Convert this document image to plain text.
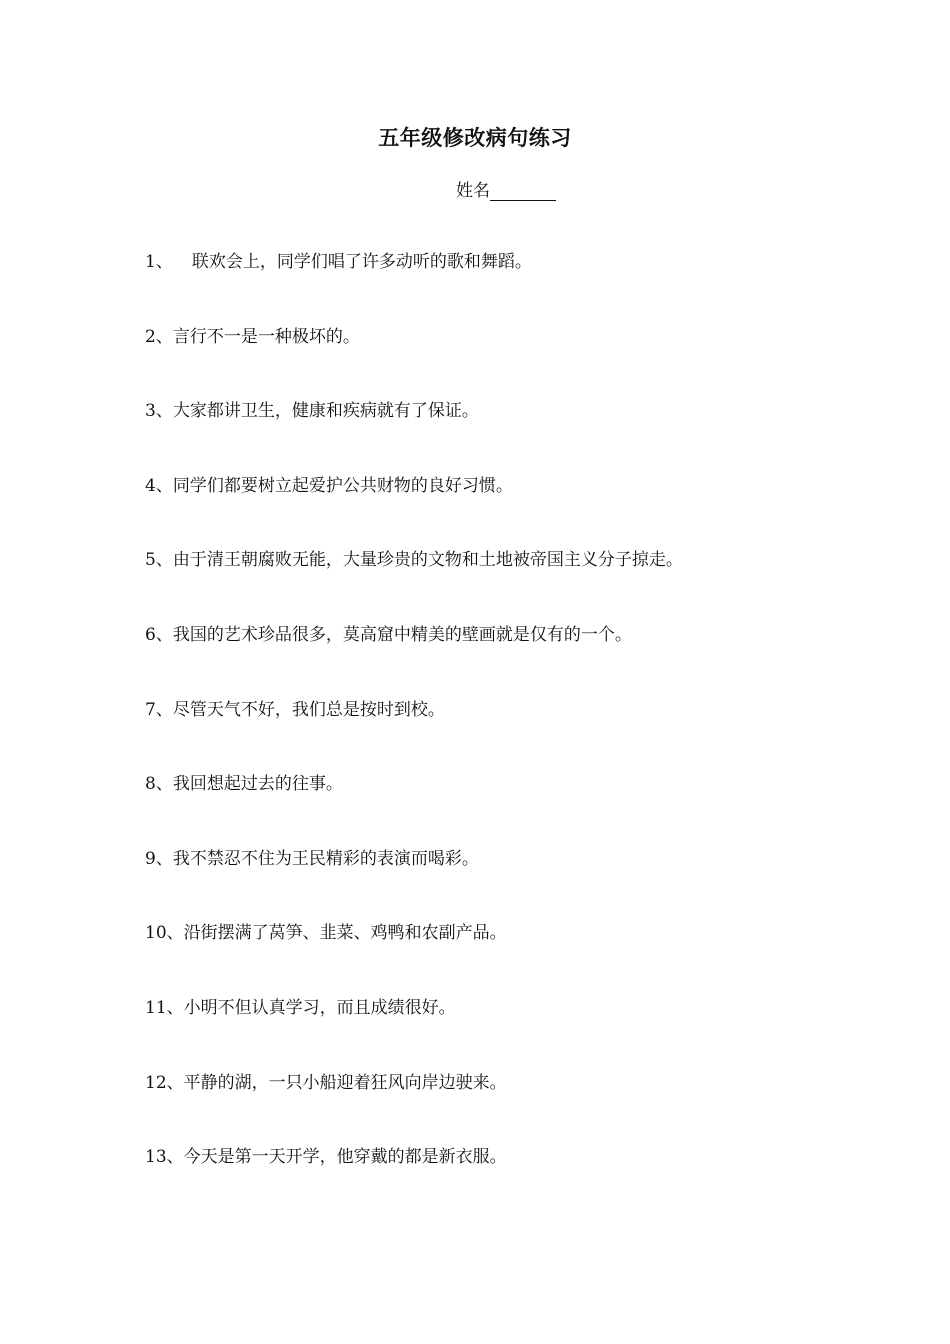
五年级修改病句练习
姓名
1、 联欢会上，同学们唱了许多动听的歌和舞蹈。
2、言行不一是一种极坏的。
3、大家都讲卫生，健康和疾病就有了保证。
4、同学们都要树立起爱护公共财物的良好习惯。
5、由于清王朝腐败无能，大量珍贵的文物和土地被帝国主义分子掠走。
6、我国的艺术珍品很多，莫高窟中精美的壁画就是仅有的一个。
7、尽管天气不好，我们总是按时到校。
8、我回想起过去的往事。
9、我不禁忍不住为王民精彩的表演而喝彩。
10、沿街摆满了莴笋、韭菜、鸡鸭和农副产品。
11、小明不但认真学习，而且成绩很好。
12、平静的湖，一只小船迎着狂风向岸边驶来。
13、今天是第一天开学，他穿戴的都是新衣服。
